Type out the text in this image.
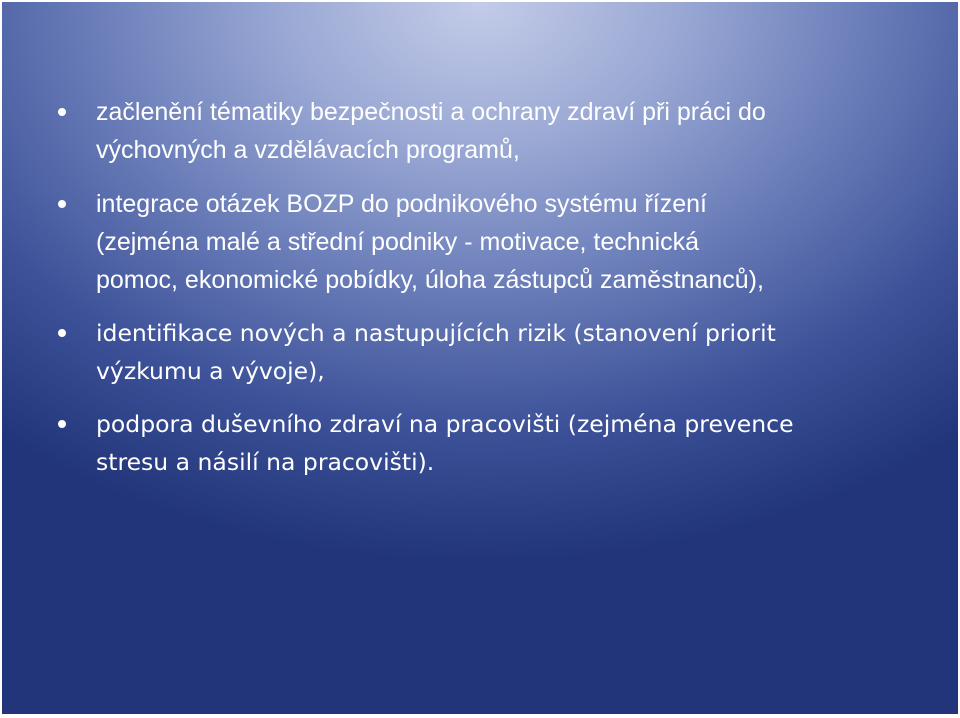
začlenění tématiky bezpečnosti a ochrany zdraví při práci do
výchovných a vzdělávacích programů,
integrace otázek BOZP do podnikového systému řízení
(zejména malé a střední podniky - motivace, technická
pomoc, ekonomické pobídky, úloha zástupců zaměstnanců),
identifikace nových a nastupujících rizik (stanovení priorit
výzkumu a vývoje),
podpora duševního zdraví na pracovišti (zejména prevence
stresu a násilí na pracovišti).
